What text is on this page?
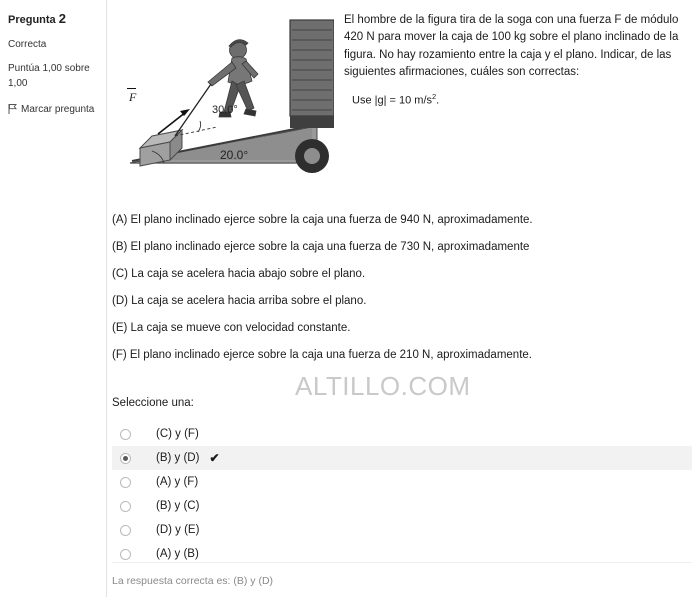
Pregunta 2
Correcta
Puntúa 1,00 sobre 1,00
Marcar pregunta
F
30.0°
20.0°
El hombre de la figura tira de la soga con una fuerza F de módulo 420 N para mover la caja de 100 kg sobre el plano inclinado de la figura. No hay rozamiento entre la caja y el plano. Indicar, de las siguientes afirmaciones, cuáles son correctas:
Use |g| = 10 $m/s^2$.
(A) El plano inclinado ejerce sobre la caja una fuerza de 940 N, aproximadamente.
(B) El plano inclinado ejerce sobre la caja una fuerza de 730 N, aproximadamente
(C) La caja se acelera hacia abajo sobre el plano.
(D) La caja se acelera hacia arriba sobre el plano.
(E) La caja se mueve con velocidad constante.
(F) El plano inclinado ejerce sobre la caja una fuerza de 210 N, aproximadamente.
Seleccione una:
(C) y (F)
(B) y (D) ✔
(A) y (F)
(B) y (C)
(D) y (E)
(A) y (B)
ALTILLO.COM
La respuesta correcta es: (B) y (D)
